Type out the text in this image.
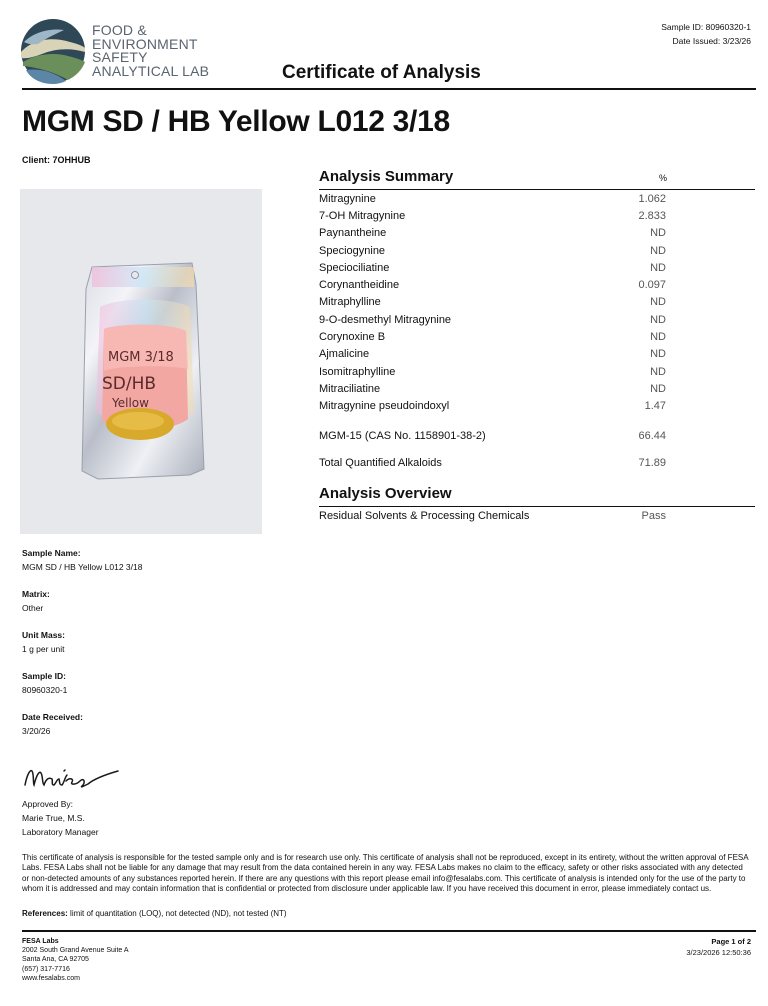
FOOD &
ENVIRONMENT
SAFETY
ANALYTICAL LAB	Certificate of Analysis
Sample ID: 80960320-1
Date Issued: 3/23/26
MGM SD / HB Yellow L012 3/18
Client: 7OHHUB
MGM 3/18
SD/HB
Yellow
Analysis Summary	%
Mitragynine	1.062
7-OH Mitragynine	2.833
Paynantheine	ND
Speciogynine	ND
Speciociliatine	ND
Corynantheidine	0.097
Mitraphylline	ND
9-O-desmethyl Mitragynine	ND
Corynoxine B	ND
Ajmalicine	ND
Isomitraphylline	ND
Mitraciliatine	ND
Mitragynine pseudoindoxyl	1.47
MGM-15 (CAS No. 1158901-38-2)	66.44
Total Quantified Alkaloids	71.89
Analysis Overview
Residual Solvents & Processing Chemicals	Pass
Sample Name:
MGM SD / HB Yellow L012 3/18
Matrix:
Other
Unit Mass:
1 g per unit
Sample ID:
80960320-1
Date Received:
3/20/26
Approved By:
Marie True, M.S.
Laboratory Manager
This certificate of analysis is responsible for the tested sample only and is for research use only. This certificate of analysis shall not be reproduced, except in its entirety, without the written approval of FESA Labs. FESA Labs shall not be liable for any damage that may result from the data contained herein in any way. FESA Labs makes no claim to the efficacy, safety or other risks associated with any detected or non-detected amounts of any substances reported herein. If there are any questions with this report please email info@fesalabs.com. This certificate of analysis is intended only for the use of the party to whom it is addressed and may contain information that is confidential or protected from disclosure under applicable law. If you have received this document in error, please immediately contact us.
References: limit of quantitation (LOQ), not detected (ND), not tested (NT)
FESA Labs
2002 South Grand Avenue Suite A
Santa Ana, CA 92705
(657) 317-7716
www.fesalabs.com
Page 1 of 2
3/23/2026 12:50:36
